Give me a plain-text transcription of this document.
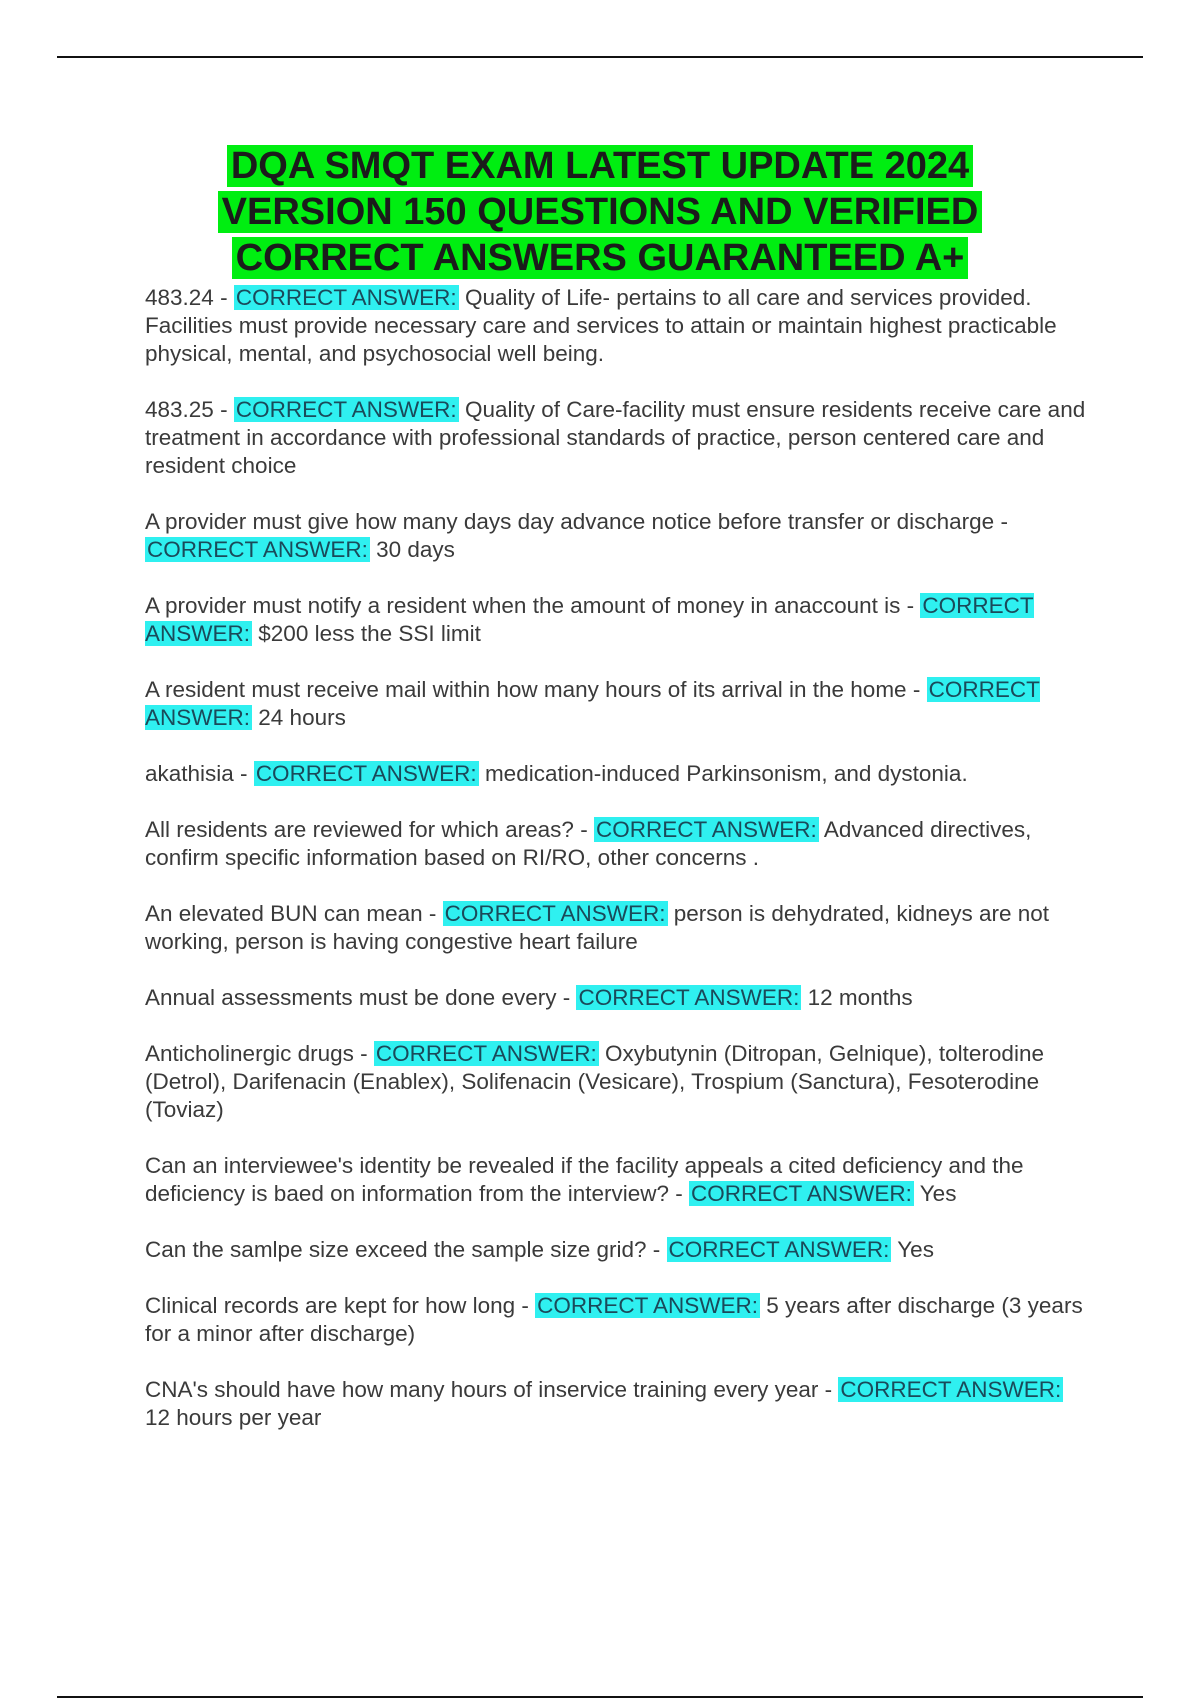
DQA SMQT EXAM LATEST UPDATE 2024
VERSION 150 QUESTIONS AND VERIFIED
CORRECT ANSWERS GUARANTEED A+
483.24 - CORRECT ANSWER: Quality of Life- pertains to all care and services provided. Facilities must provide necessary care and services to attain or maintain highest practicable physical, mental, and psychosocial well being.
483.25 - CORRECT ANSWER: Quality of Care-facility must ensure residents receive care and treatment in accordance with professional standards of practice, person centered care and resident choice
A provider must give how many days day advance notice before transfer or discharge - CORRECT ANSWER: 30 days
A provider must notify a resident when the amount of money in anaccount is - CORRECT ANSWER: $200 less the SSI limit
A resident must receive mail within how many hours of its arrival in the home - CORRECT ANSWER: 24 hours
akathisia - CORRECT ANSWER: medication-induced Parkinsonism, and dystonia.
All residents are reviewed for which areas? - CORRECT ANSWER: Advanced directives, confirm specific information based on RI/RO, other concerns .
An elevated BUN can mean - CORRECT ANSWER: person is dehydrated, kidneys are not working, person is having congestive heart failure
Annual assessments must be done every - CORRECT ANSWER: 12 months
Anticholinergic drugs - CORRECT ANSWER: Oxybutynin (Ditropan, Gelnique), tolterodine (Detrol), Darifenacin (Enablex), Solifenacin (Vesicare), Trospium (Sanctura), Fesoterodine (Toviaz)
Can an interviewee's identity be revealed if the facility appeals a cited deficiency and the deficiency is baed on information from the interview? - CORRECT ANSWER: Yes
Can the samlpe size exceed the sample size grid? - CORRECT ANSWER: Yes
Clinical records are kept for how long - CORRECT ANSWER: 5 years after discharge (3 years for a minor after discharge)
CNA's should have how many hours of inservice training every year - CORRECT ANSWER: 12 hours per year
